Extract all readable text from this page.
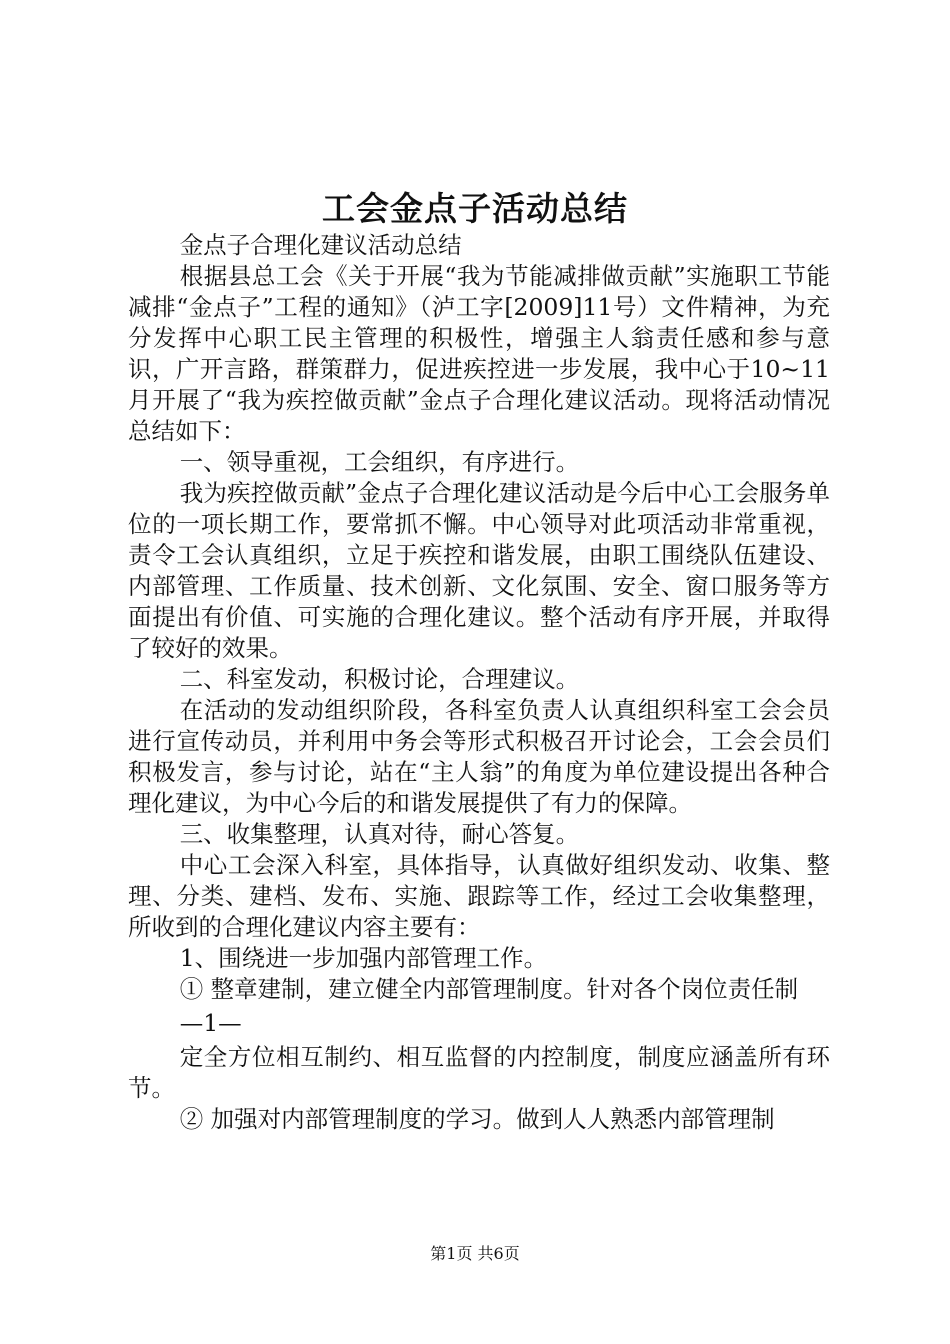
工会金点子活动总结

金点子合理化建议活动总结

根据县总工会《关于开展“我为节能减排做贡献”实施职工节能减排“金点子”工程的通知》（泸工字[2009]11号）文件精神，为充分发挥中心职工民主管理的积极性，增强主人翁责任感和参与意识，广开言路，群策群力，促进疾控进一步发展，我中心于10~11月开展了“我为疾控做贡献”金点子合理化建议活动。现将活动情况总结如下：

一、领导重视，工会组织，有序进行。

我为疾控做贡献”金点子合理化建议活动是今后中心工会服务单位的一项长期工作，要常抓不懈。中心领导对此项活动非常重视，责令工会认真组织，立足于疾控和谐发展，由职工围绕队伍建设、内部管理、工作质量、技术创新、文化氛围、安全、窗口服务等方面提出有价值、可实施的合理化建议。整个活动有序开展，并取得了较好的效果。

二、科室发动，积极讨论，合理建议。

在活动的发动组织阶段，各科室负责人认真组织科室工会会员进行宣传动员，并利用中务会等形式积极召开讨论会，工会会员们积极发言，参与讨论，站在“主人翁”的角度为单位建设提出各种合理化建议，为中心今后的和谐发展提供了有力的保障。

三、收集整理，认真对待，耐心答复。

中心工会深入科室，具体指导，认真做好组织发动、收集、整理、分类、建档、发布、实施、跟踪等工作，经过工会收集整理，所收到的合理化建议内容主要有：

1、围绕进一步加强内部管理工作。

① 整章建制，建立健全内部管理制度。针对各个岗位责任制

—1—

定全方位相互制约、相互监督的内控制度，制度应涵盖所有环节。

② 加强对内部管理制度的学习。做到人人熟悉内部管理制

第1页 共6页
